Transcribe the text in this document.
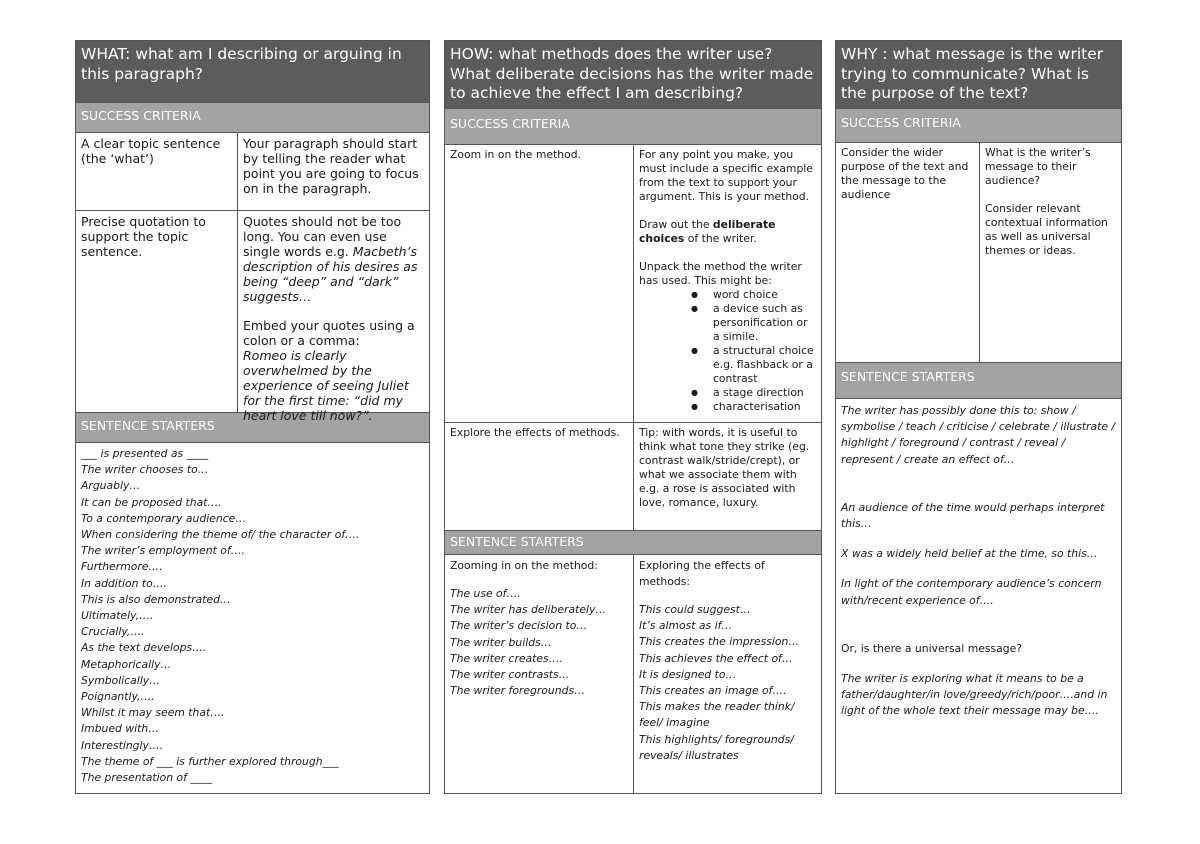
WHAT: what am I describing or arguing in this paragraph?
SUCCESS CRITERIA
A clear topic sentence (the ‘what’)
Your paragraph should start by telling the reader what point you are going to focus on in the paragraph.
Precise quotation to support the topic sentence.

Quotes should not be too long. You can even use single words e.g. Macbeth’s description of his desires as being “deep” and “dark” suggests…

Embed your quotes using a colon or a comma:
Romeo is clearly overwhelmed by the experience of seeing Juliet for the first time: “did my heart love till now?”.

SENTENCE STARTERS
___ is presented as ____
The writer chooses to…
Arguably…
It can be proposed that….
To a contemporary audience…
When considering the theme of/ the character of….
The writer’s employment of….
Furthermore….
In addition to….
This is also demonstrated…
Ultimately,….
Crucially,….
As the text develops….
Metaphorically…
Symbolically…
Poignantly,….
Whilst it may seem that….
Imbued with…
Interestingly….
The theme of ___ is further explored through___
The presentation of ____
HOW: what methods does the writer use? What deliberate decisions has the writer made to achieve the effect I am describing?
SUCCESS CRITERIA
Zoom in on the method.	For any point you make, you must include a specific example from the text to support your argument. This is your method.

Draw out the deliberate choices of the writer.

Unpack the method the writer has used. This might be:

● word choice
● a device such as personification or a simile.
● a structural choice e.g. flashback or a contrast
● a stage direction
● characterisation
Explore the effects of methods.	Tip: with words, it is useful to think what tone they strike (eg. contrast walk/stride/crept), or what we associate them with e.g. a rose is associated with love, romance, luxury.
SENTENCE STARTERS
Zooming in on the method:
The use of….
The writer has deliberately…
The writer’s decision to…
The writer builds…
The writer creates….
The writer contrasts…
The writer foregrounds…
Exploring the effects of methods:
This could suggest…
It’s almost as if…
This creates the impression…
This achieves the effect of…
It is designed to…
This creates an image of….
This makes the reader think/ feel/ imagine
This highlights/ foregrounds/ reveals/ illustrates
WHY : what message is the writer trying to communicate? What is the purpose of the text?
SUCCESS CRITERIA
Consider the wider purpose of the text and the message to the audience

What is the writer’s message to their audience?

Consider relevant contextual information as well as universal themes or ideas.

SENTENCE STARTERS

The writer has possibly done this to: show / symbolise / teach / criticise / celebrate / illustrate / highlight / foreground / contrast / reveal / represent / create an effect of…

An audience of the time would perhaps interpret this…

X was a widely held belief at the time, so this…

In light of the contemporary audience’s concern with/recent experience of….

Or, is there a universal message?

The writer is exploring what it means to be a father/daughter/in love/greedy/rich/poor….and in light of the whole text their message may be….
